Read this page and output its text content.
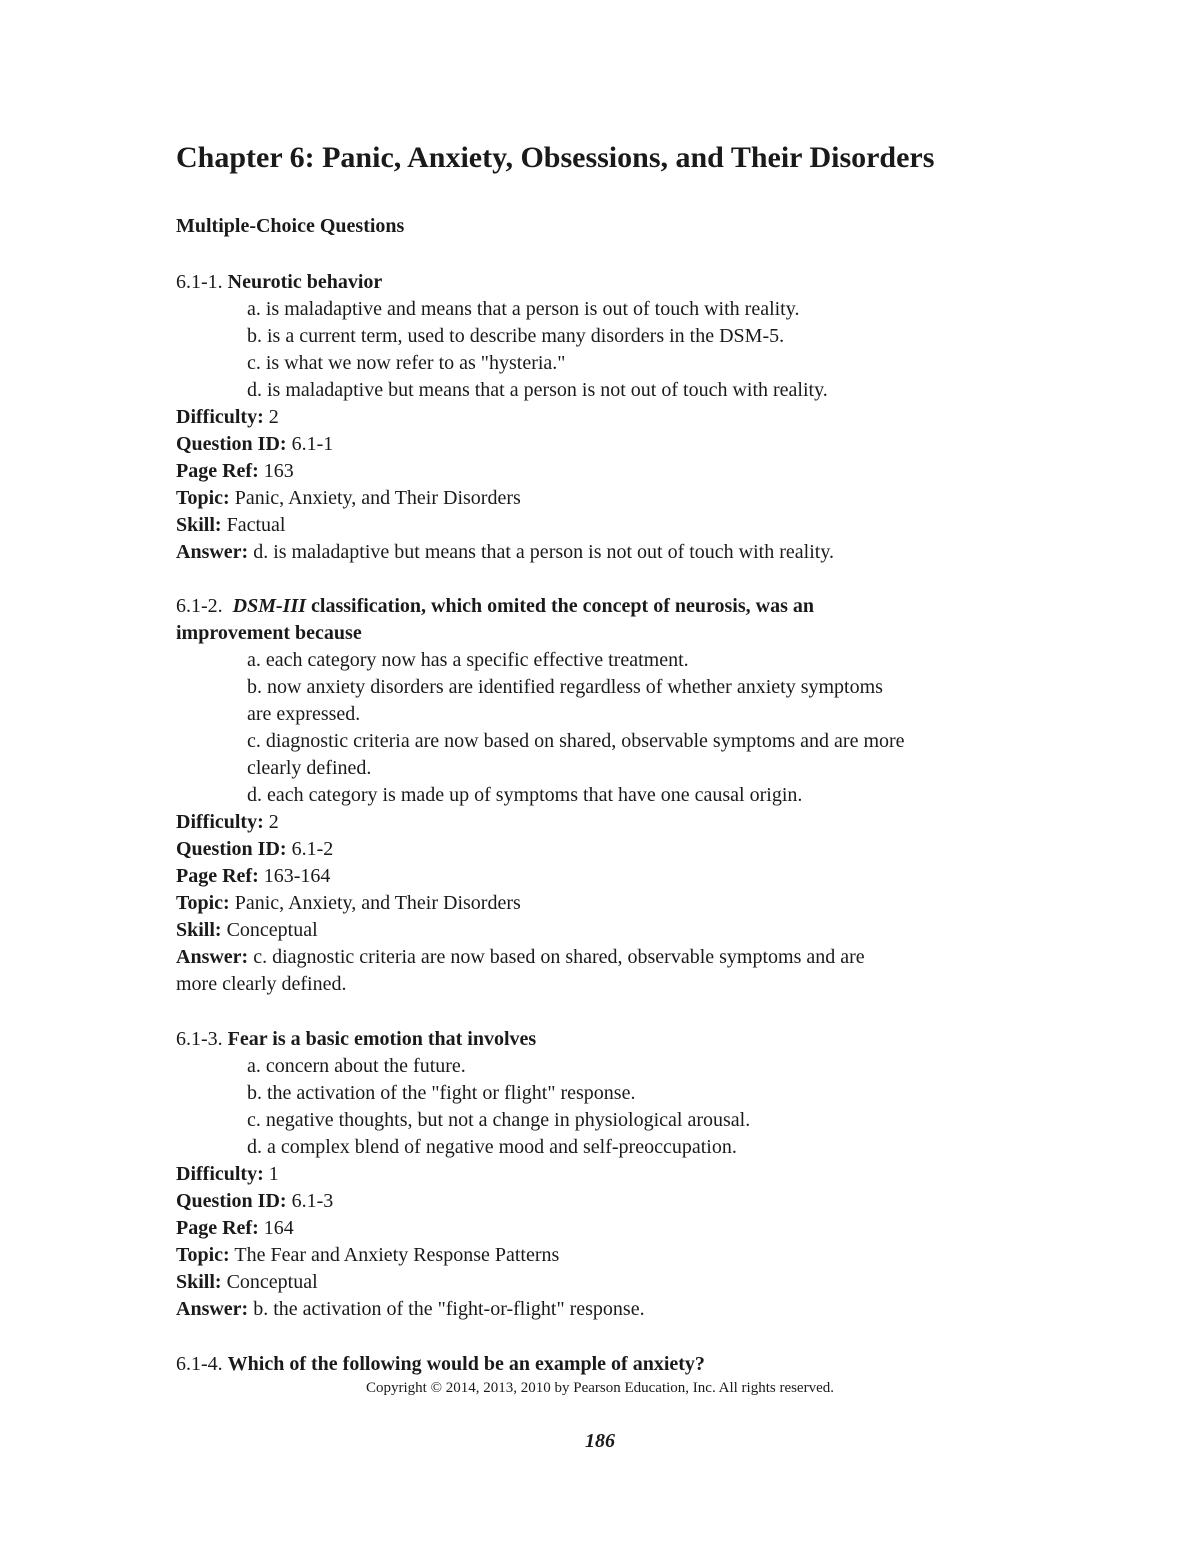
Chapter 6: Panic, Anxiety, Obsessions, and Their Disorders
Multiple-Choice Questions

6.1-1. Neurotic behavior

a. is maladaptive and means that a person is out of touch with reality.

b. is a current term, used to describe many disorders in the DSM-5.

c. is what we now refer to as "hysteria."

d. is maladaptive but means that a person is not out of touch with reality.

Difficulty: 2

Question ID: 6.1-1

Page Ref: 163

Topic: Panic, Anxiety, and Their Disorders

Skill: Factual

Answer: d. is maladaptive but means that a person is not out of touch with reality.

6.1-2. DSM-III classification, which omited the concept of neurosis, was an

improvement because

a. each category now has a specific effective treatment.

b. now anxiety disorders are identified regardless of whether anxiety symptoms

are expressed.

c. diagnostic criteria are now based on shared, observable symptoms and are more

clearly defined.

d. each category is made up of symptoms that have one causal origin.

Difficulty: 2

Question ID: 6.1-2

Page Ref: 163-164

Topic: Panic, Anxiety, and Their Disorders

Skill: Conceptual

Answer: c. diagnostic criteria are now based on shared, observable symptoms and are

more clearly defined.

6.1-3. Fear is a basic emotion that involves

a. concern about the future.

b. the activation of the "fight or flight" response.

c. negative thoughts, but not a change in physiological arousal.

d. a complex blend of negative mood and self-preoccupation.

Difficulty: 1

Question ID: 6.1-3

Page Ref: 164

Topic: The Fear and Anxiety Response Patterns

Skill: Conceptual

Answer: b. the activation of the "fight-or-flight" response.

6.1-4. Which of the following would be an example of anxiety?

Copyright © 2014, 2013, 2010 by Pearson Education, Inc. All rights reserved.
186
